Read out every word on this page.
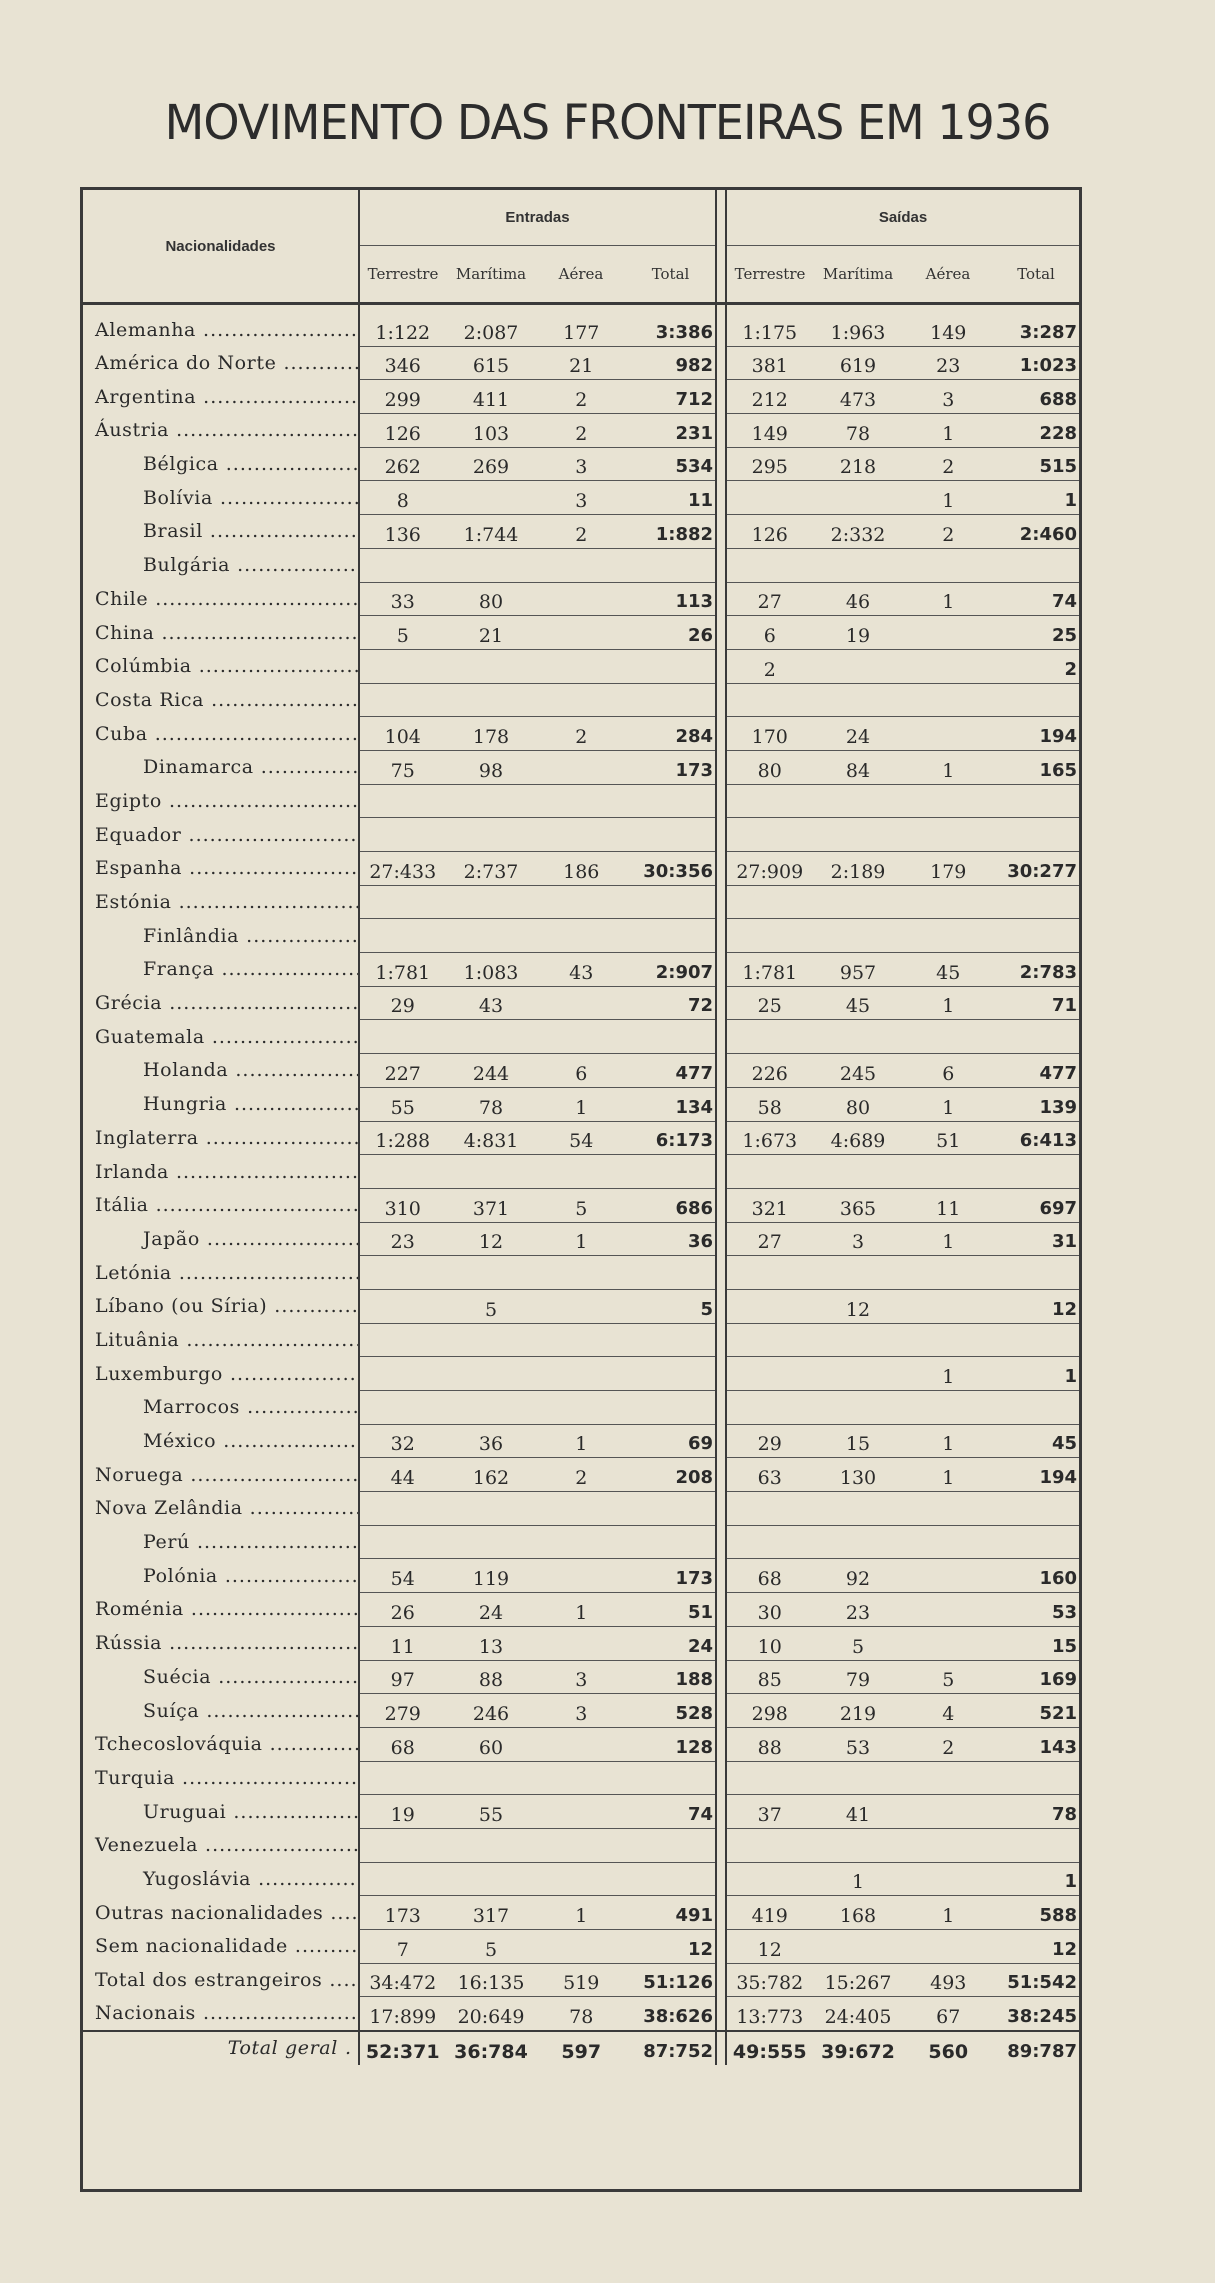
MOVIMENTO DAS FRONTEIRAS EM 1936
Nacionalidades	Entradas					Saídas			
	Terrestre	Marítima	Aérea	Total		Terrestre	Marítima	Aérea	Total
Alemanha .....	1:122	2:087	177	3:386		1:175	1:963	149	3:287
América do Norte .....	346	615	21	982		381	619	23	1:023
Argentina .....	299	411	2	712		212	473	3	688
Áustria .....	126	103	2	231		149	78	1	228
Bélgica .....	262	269	3	534		295	218	2	515
Bolívia .....	8		3	11				1	1
Brasil .....	136	1:744	2	1:882		126	2:332	2	2:460
Bulgária .....									
Chile .....	33	80		113		27	46	1	74
China .....	5	21		26		6	19		25
Colúmbia .....						2			2
Costa Rica .....									
Cuba .....	104	178	2	284		170	24		194
Dinamarca .....	75	98		173		80	84	1	165
Egipto .....									
Equador .....									
Espanha .....	27:433	2:737	186	30:356		27:909	2:189	179	30:277
Estónia .....									
Finlândia .....									
França .....	1:781	1:083	43	2:907		1:781	957	45	2:783
Grécia .....	29	43		72		25	45	1	71
Guatemala .....									
Holanda .....	227	244	6	477		226	245	6	477
Hungria .....	55	78	1	134		58	80	1	139
Inglaterra .....	1:288	4:831	54	6:173		1:673	4:689	51	6:413
Irlanda .....									
Itália .....	310	371	5	686		321	365	11	697
Japão .....	23	12	1	36		27	3	1	31
Letónia .....									
Líbano (ou Síria) .....		5		5			12		12
Lituânia .....									
Luxemburgo .....								1	1
Marrocos .....									
México .....	32	36	1	69		29	15	1	45
Noruega .....	44	162	2	208		63	130	1	194
Nova Zelândia .....									
Perú .....									
Polónia .....	54	119		173		68	92		160
Roménia .....	26	24	1	51		30	23		53
Rússia .....	11	13		24		10	5		15
Suécia .....	97	88	3	188		85	79	5	169
Suíça .....	279	246	3	528		298	219	4	521
Tchecoslováquia .....	68	60		128		88	53	2	143
Turquia .....									
Uruguai .....	19	55		74		37	41		78
Venezuela .....									
Yugoslávia .....							1		1
Outras nacionalidades .....	173	317	1	491		419	168	1	588
Sem nacionalidade .....	7	5		12		12			12
Total dos estrangeiros .....	34:472	16:135	519	51:126		35:782	15:267	493	51:542
Nacionais .....	17:899	20:649	78	38:626		13:773	24:405	67	38:245
Total geral .	52:371	36:784	597	87:752		49:555	39:672	560	89:787
